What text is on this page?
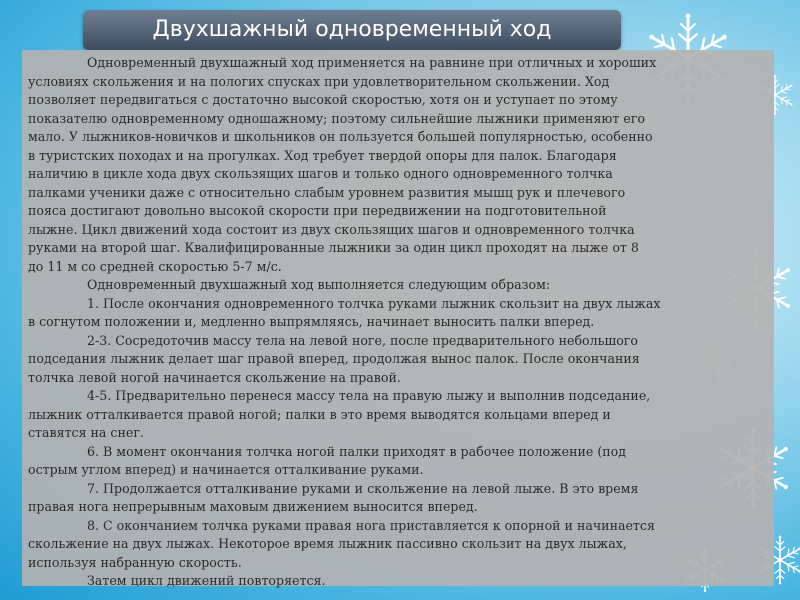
Двухшажный одновременный ход

Одновременный двухшажный ход применяется на равнине при отличных и хороших

условиях скольжения и на пологих спусках при удовлетворительном скольжении. Ход

позволяет передвигаться с достаточно высокой скоростью, хотя он и уступает по этому

показателю одновременному одношажному; поэтому сильнейшие лыжники применяют его

мало. У лыжников-новичков и школьников он пользуется большей популярностью, особенно

в туристских походах и на прогулках. Ход требует твердой опоры для палок. Благодаря

наличию в цикле хода двух скользящих шагов и только одного одновременного толчка

палками ученики даже с относительно слабым уровнем развития мышц рук и плечевого

пояса достигают довольно высокой скорости при передвижении на подготовительной

лыжне. Цикл движений хода состоит из двух скользящих шагов и одновременного толчка

руками на второй шаг. Квалифицированные лыжники за один цикл проходят на лыже от 8

до 11 м со средней скоростью 5-7 м/с.

Одновременный двухшажный ход выполняется следующим образом:

1. После окончания одновременного толчка руками лыжник скользит на двух лыжах

в согнутом положении и, медленно выпрямляясь, начинает выносить палки вперед.

2-3. Сосредоточив массу тела на левой ноге, после предварительного небольшого

подседания лыжник делает шаг правой вперед, продолжая вынос палок. После окончания

толчка левой ногой начинается скольжение на правой.

4-5. Предварительно перенеся массу тела на правую лыжу и выполнив подседание,

лыжник отталкивается правой ногой; палки в это время выводятся кольцами вперед и

ставятся на снег.

6. В момент окончания толчка ногой палки приходят в рабочее положение (под

острым углом вперед) и начинается отталкивание руками.

7. Продолжается отталкивание руками и скольжение на левой лыже. В это время

правая нога непрерывным маховым движением выносится вперед.

8. С окончанием толчка руками правая нога приставляется к опорной и начинается

скольжение на двух лыжах. Некоторое время лыжник пассивно скользит на двух лыжах,

используя набранную скорость.

Затем цикл движений повторяется.
